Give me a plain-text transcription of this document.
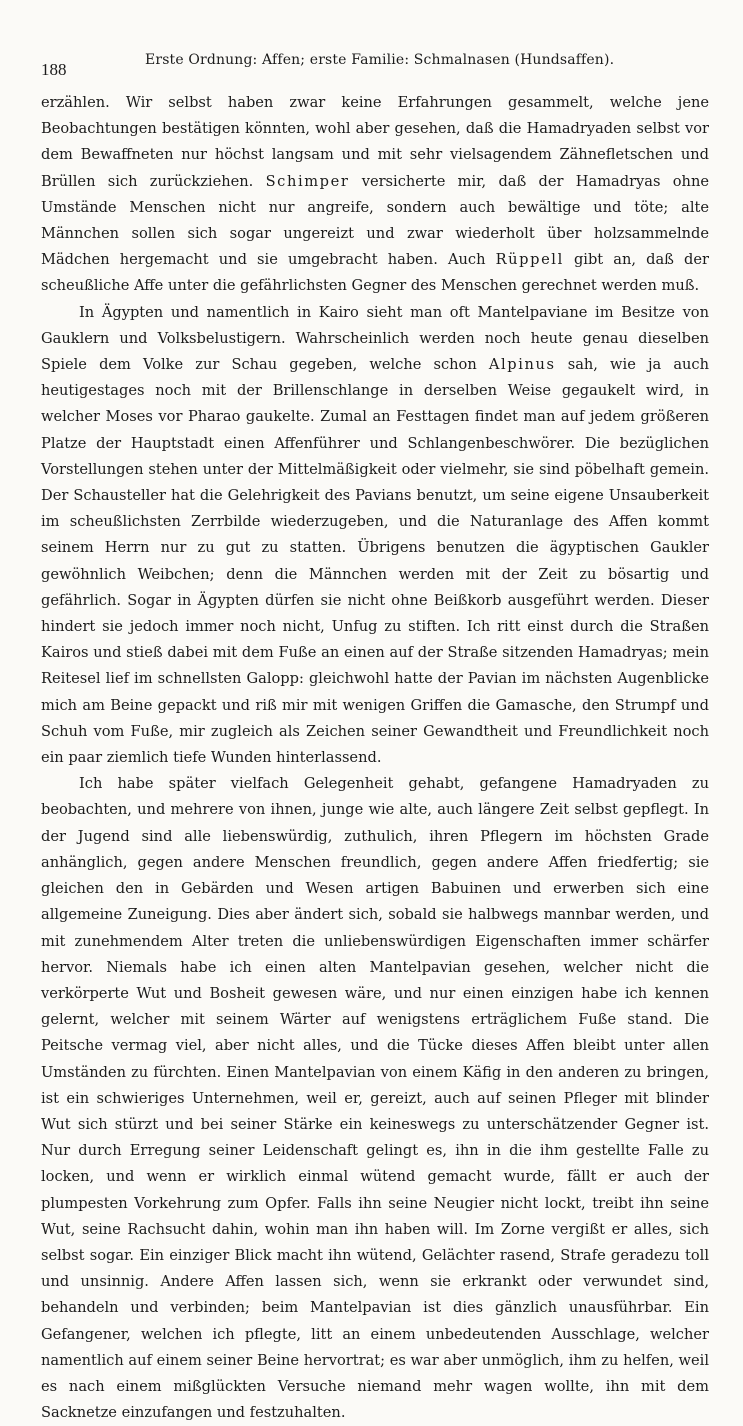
188	Erste Ordnung: Affen; erste Familie: Schmalnasen (Hundsaffen).

erzählen. Wir selbst haben zwar keine Erfahrungen gesammelt, welche jene Beobachtungen bestätigen könnten, wohl aber gesehen, daß die Hamadryaden selbst vor dem Bewaffneten nur höchst langsam und mit sehr vielsagendem Zähnefletschen und Brüllen sich zurückziehen. Schimper versicherte mir, daß der Hamadryas ohne Umstände Menschen nicht nur angreife, sondern auch bewältige und töte; alte Männchen sollen sich sogar ungereizt und zwar wiederholt über holzsammelnde Mädchen hergemacht und sie umgebracht haben. Auch Rüppell gibt an, daß der scheußliche Affe unter die gefährlichsten Gegner des Menschen gerechnet werden muß.

In Ägypten und namentlich in Kairo sieht man oft Mantelpaviane im Besitze von Gauklern und Volksbelustigern. Wahrscheinlich werden noch heute genau dieselben Spiele dem Volke zur Schau gegeben, welche schon Alpinus sah, wie ja auch heutigestages noch mit der Brillenschlange in derselben Weise gegaukelt wird, in welcher Moses vor Pharao gaukelte. Zumal an Festtagen findet man auf jedem größeren Platze der Hauptstadt einen Affenführer und Schlangenbeschwörer. Die bezüglichen Vorstellungen stehen unter der Mittelmäßigkeit oder vielmehr, sie sind pöbelhaft gemein. Der Schausteller hat die Gelehrigkeit des Pavians benutzt, um seine eigene Unsauberkeit im scheußlichsten Zerrbilde wiederzugeben, und die Naturanlage des Affen kommt seinem Herrn nur zu gut zu statten. Übrigens benutzen die ägyptischen Gaukler gewöhnlich Weibchen; denn die Männchen werden mit der Zeit zu bösartig und gefährlich. Sogar in Ägypten dürfen sie nicht ohne Beißkorb ausgeführt werden. Dieser hindert sie jedoch immer noch nicht, Unfug zu stiften. Ich ritt einst durch die Straßen Kairos und stieß dabei mit dem Fuße an einen auf der Straße sitzenden Hamadryas; mein Reitesel lief im schnellsten Galopp: gleichwohl hatte der Pavian im nächsten Augenblicke mich am Beine gepackt und riß mir mit wenigen Griffen die Gamasche, den Strumpf und Schuh vom Fuße, mir zugleich als Zeichen seiner Gewandtheit und Freundlichkeit noch ein paar ziemlich tiefe Wunden hinterlassend.

Ich habe später vielfach Gelegenheit gehabt, gefangene Hamadryaden zu beobachten, und mehrere von ihnen, junge wie alte, auch längere Zeit selbst gepflegt. In der Jugend sind alle liebenswürdig, zuthulich, ihren Pflegern im höchsten Grade anhänglich, gegen andere Menschen freundlich, gegen andere Affen friedfertig; sie gleichen den in Gebärden und Wesen artigen Babuinen und erwerben sich eine allgemeine Zuneigung. Dies aber ändert sich, sobald sie halbwegs mannbar werden, und mit zunehmendem Alter treten die unliebenswürdigen Eigenschaften immer schärfer hervor. Niemals habe ich einen alten Mantelpavian gesehen, welcher nicht die verkörperte Wut und Bosheit gewesen wäre, und nur einen einzigen habe ich kennen gelernt, welcher mit seinem Wärter auf wenigstens erträglichem Fuße stand. Die Peitsche vermag viel, aber nicht alles, und die Tücke dieses Affen bleibt unter allen Umständen zu fürchten. Einen Mantelpavian von einem Käfig in den anderen zu bringen, ist ein schwieriges Unternehmen, weil er, gereizt, auch auf seinen Pfleger mit blinder Wut sich stürzt und bei seiner Stärke ein keineswegs zu unterschätzender Gegner ist. Nur durch Erregung seiner Leidenschaft gelingt es, ihn in die ihm gestellte Falle zu locken, und wenn er wirklich einmal wütend gemacht wurde, fällt er auch der plumpesten Vorkehrung zum Opfer. Falls ihn seine Neugier nicht lockt, treibt ihn seine Wut, seine Rachsucht dahin, wohin man ihn haben will. Im Zorne vergißt er alles, sich selbst sogar. Ein einziger Blick macht ihn wütend, Gelächter rasend, Strafe geradezu toll und unsinnig. Andere Affen lassen sich, wenn sie erkrankt oder verwundet sind, behandeln und verbinden; beim Mantelpavian ist dies gänzlich unausführbar. Ein Gefangener, welchen ich pflegte, litt an einem unbedeutenden Ausschlage, welcher namentlich auf einem seiner Beine hervortrat; es war aber unmöglich, ihm zu helfen, weil es nach einem mißglückten Versuche niemand mehr wagen wollte, ihn mit dem Sacknetze einzufangen und festzuhalten.
